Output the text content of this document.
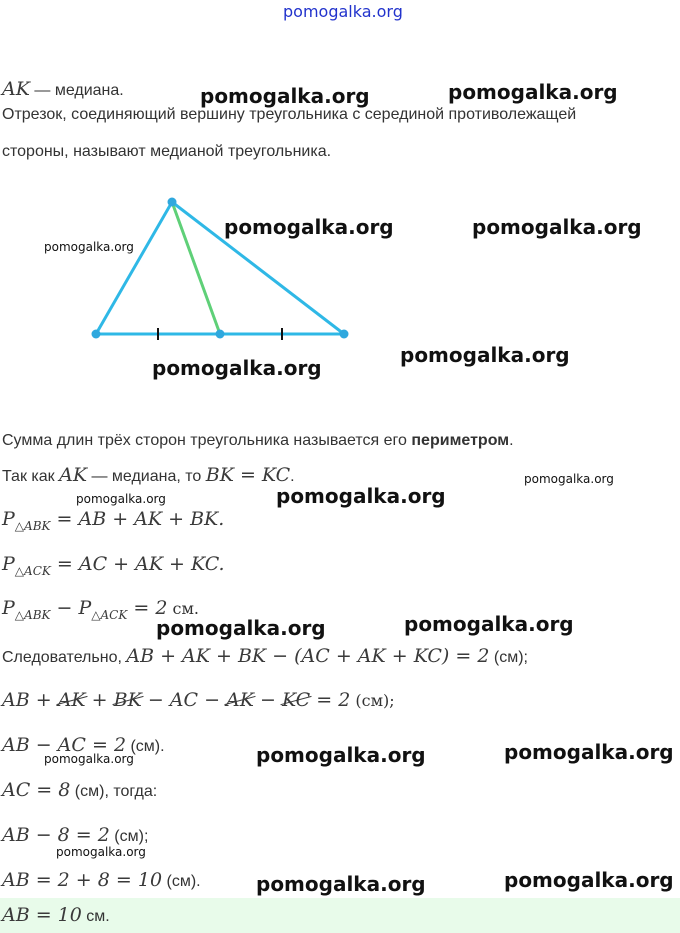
pomogalka.org
AK — медиана.	pomogalka.org	pomogalka.org
Отрезок, соединяющий вершину треугольника с серединой противолежащей
стороны, называют медианой треугольника.
pomogalka.org
pomogalka.org	pomogalka.org
pomogalka.org
pomogalka.org
Сумма длин трёх сторон треугольника называется его периметром.
Так как AK — медиана, то BK = KC.	pomogalka.org
pomogalka.org	pomogalka.org
$P_{\triangle ABK}$ = AB + AK + BK.
$P_{\triangle ACK}$ = AC + AK + KC.
$P_{\triangle ABK} - P_{\triangle ACK} = 2$ см.
pomogalka.org	pomogalka.org
Следовательно, AB + AK + BK − (AC + AK + KC) = 2 (см);
AB + AK + BK − AC − AK − KC = 2 (см);
AB − AC = 2 (см).
pomogalka.org	pomogalka.org	pomogalka.org
AC = 8 (см), тогда:
AB − 8 = 2 (см);
pomogalka.org
AB = 2 + 8 = 10 (см).	pomogalka.org	pomogalka.org
AB = 10 см.
